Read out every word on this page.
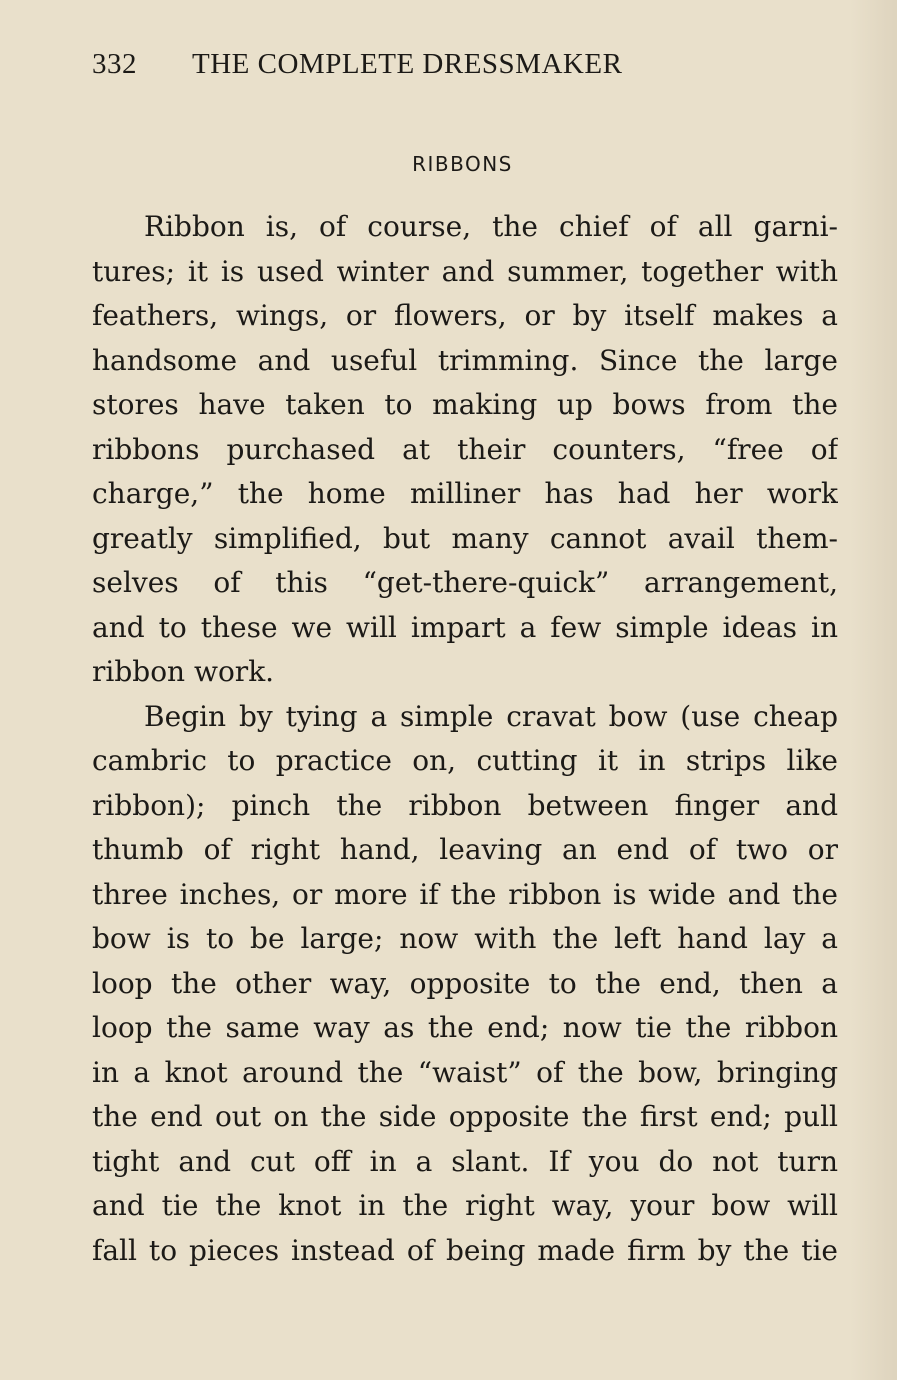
332 THE COMPLETE DRESSMAKER
RIBBONS
Ribbon is, of course, the chief of all garni-
tures; it is used winter and summer, together with
feathers, wings, or flowers, or by itself makes a
handsome and useful trimming. Since the large
stores have taken to making up bows from the
ribbons purchased at their counters, “free of
charge,” the home milliner has had her work
greatly simplified, but many cannot avail them-
selves of this “get-there-quick” arrangement,
and to these we will impart a few simple ideas in
ribbon work.
Begin by tying a simple cravat bow (use cheap
cambric to practice on, cutting it in strips like
ribbon); pinch the ribbon between finger and
thumb of right hand, leaving an end of two or
three inches, or more if the ribbon is wide and the
bow is to be large; now with the left hand lay a
loop the other way, opposite to the end, then a
loop the same way as the end; now tie the ribbon
in a knot around the “waist” of the bow, bringing
the end out on the side opposite the first end; pull
tight and cut off in a slant. If you do not turn
and tie the knot in the right way, your bow will
fall to pieces instead of being made firm by the tie
